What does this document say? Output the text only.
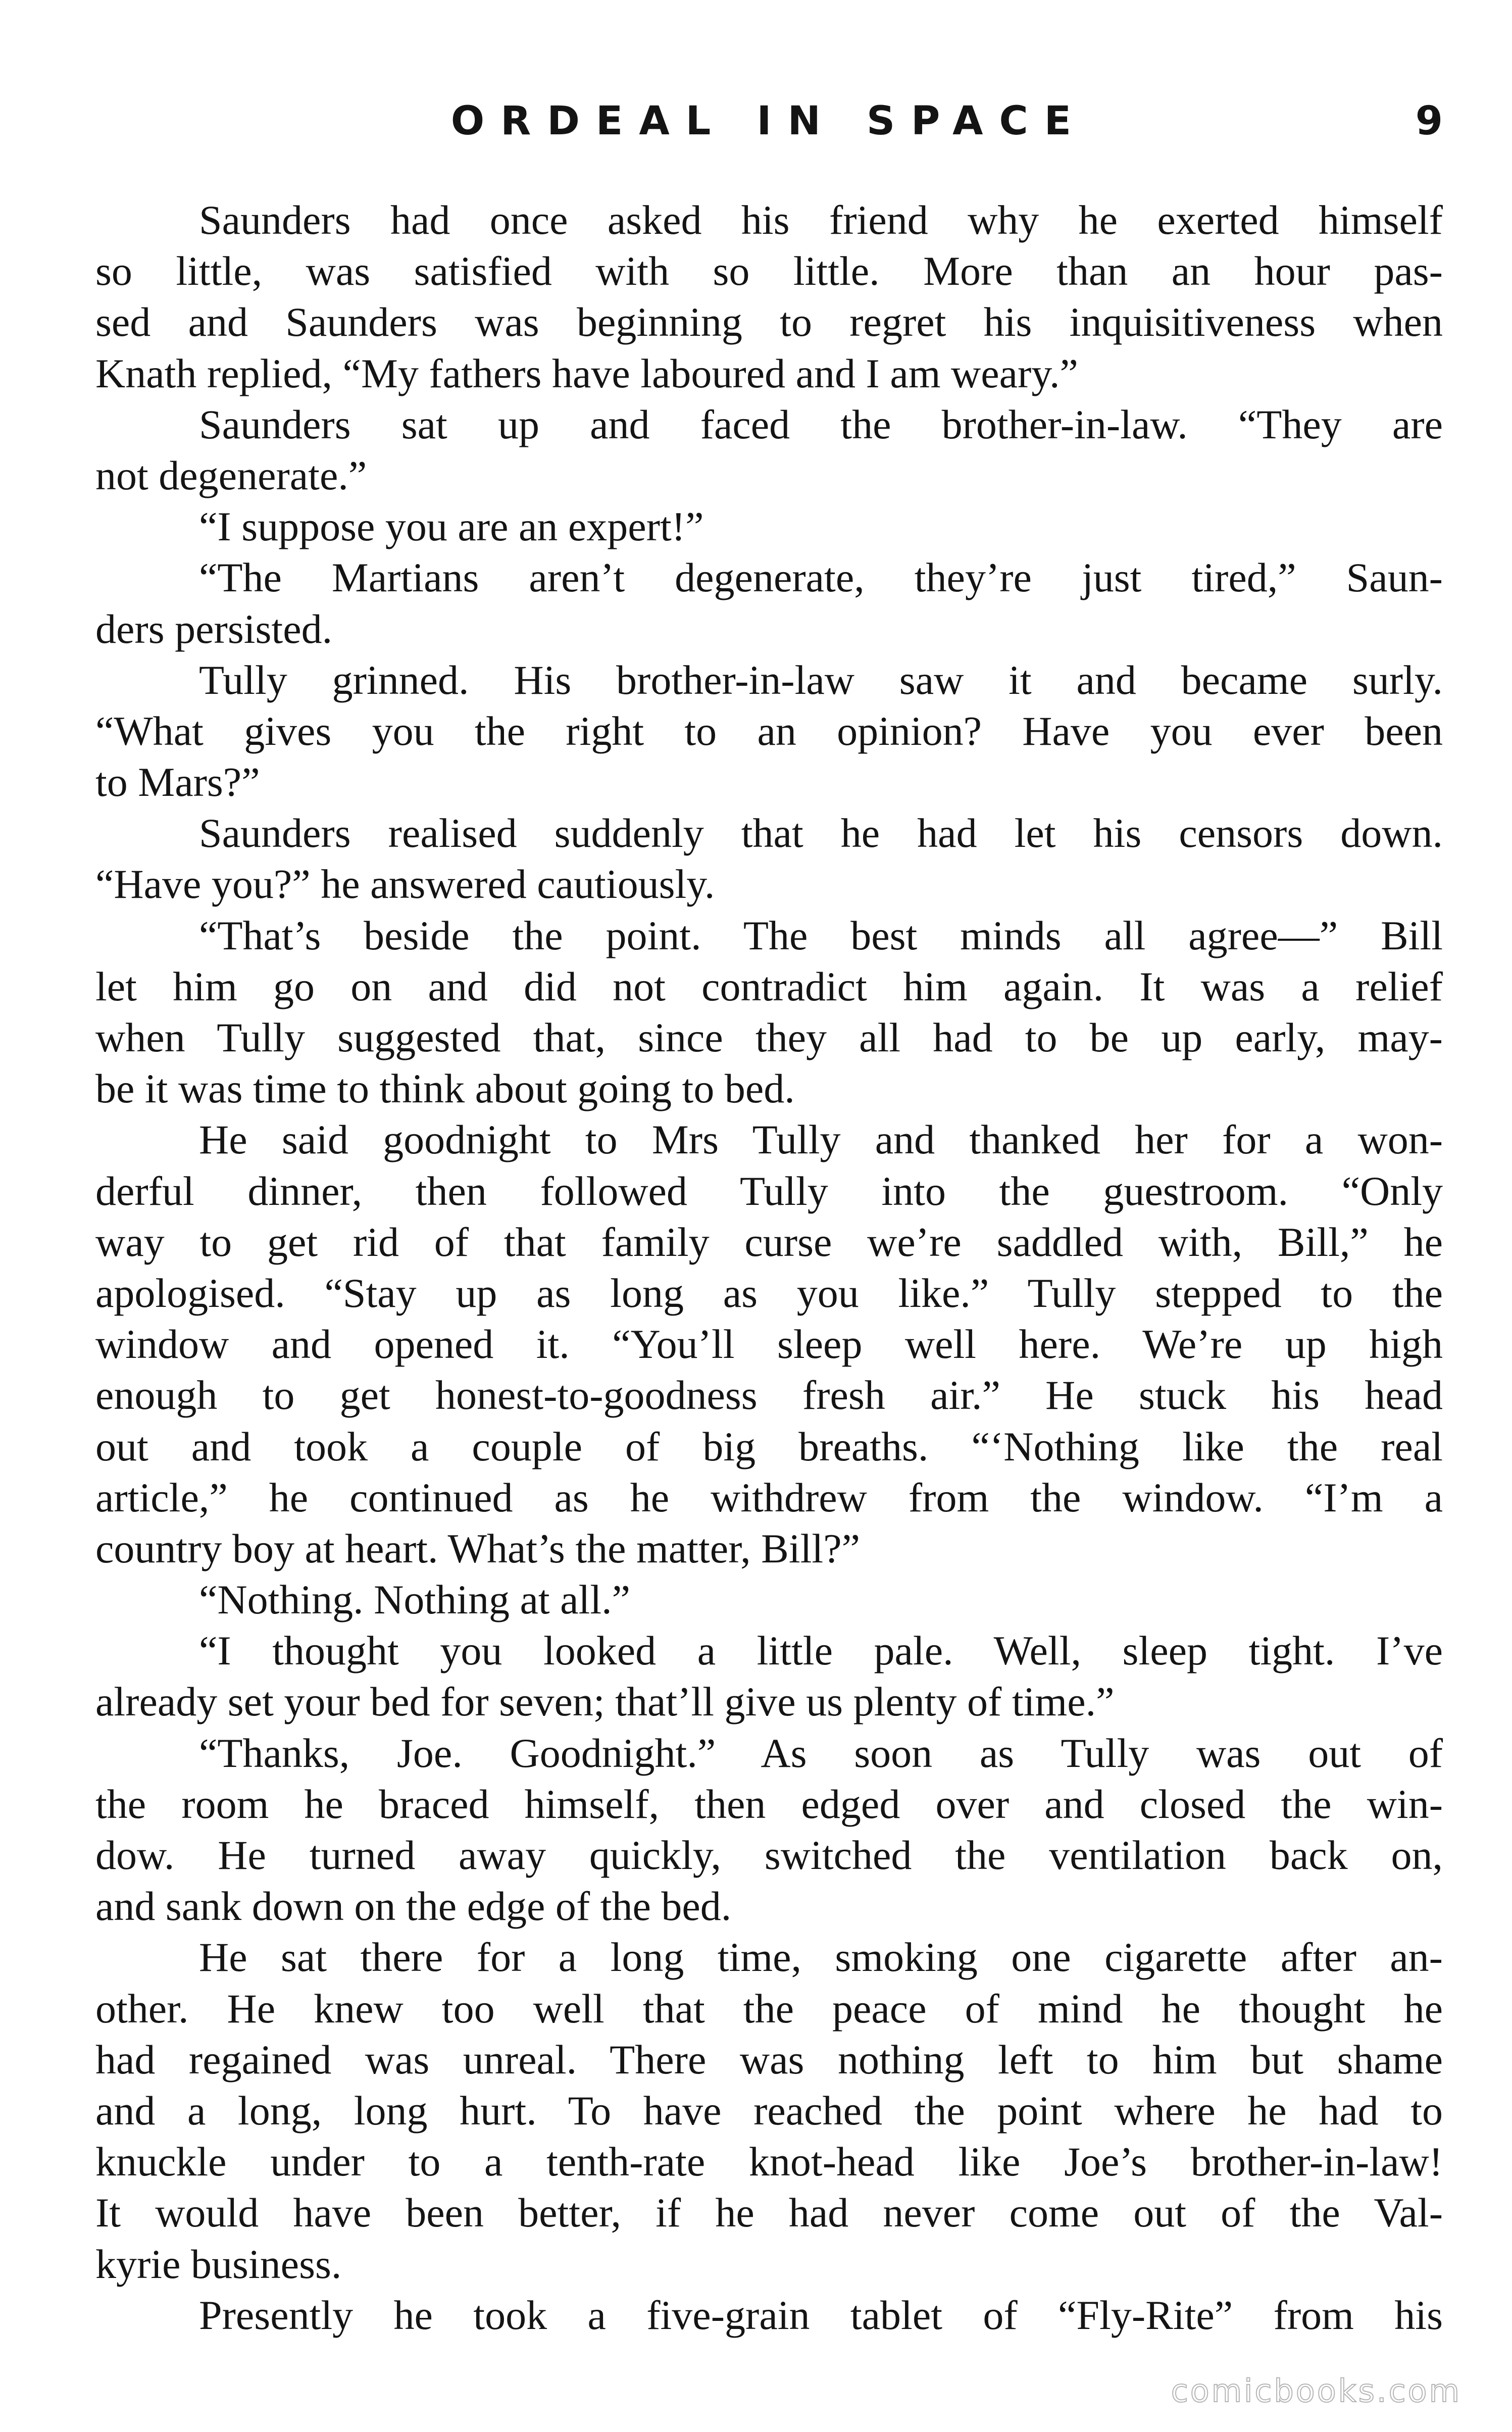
ORDEAL IN SPACE	9
Saunders had once asked his friend why he exerted himself
so little, was satisfied with so little. More than an hour pas-
sed and Saunders was beginning to regret his inquisitiveness when
Knath replied, “My fathers have laboured and I am weary.”
Saunders sat up and faced the brother-in-law. “They are
not degenerate.”
“I suppose you are an expert!”
“The Martians aren’t degenerate, they’re just tired,” Saun-
ders persisted.
Tully grinned. His brother-in-law saw it and became surly.
“What gives you the right to an opinion? Have you ever been
to Mars?”
Saunders realised suddenly that he had let his censors down.
“Have you?” he answered cautiously.
“That’s beside the point. The best minds all agree—” Bill
let him go on and did not contradict him again. It was a relief
when Tully suggested that, since they all had to be up early, may-
be it was time to think about going to bed.
He said goodnight to Mrs Tully and thanked her for a won-
derful dinner, then followed Tully into the guestroom. “Only
way to get rid of that family curse we’re saddled with, Bill,” he
apologised. “Stay up as long as you like.” Tully stepped to the
window and opened it. “You’ll sleep well here. We’re up high
enough to get honest-to-goodness fresh air.” He stuck his head
out and took a couple of big breaths. “‘Nothing like the real
article,” he continued as he withdrew from the window. “I’m a
country boy at heart. What’s the matter, Bill?”
“Nothing. Nothing at all.”
“I thought you looked a little pale. Well, sleep tight. I’ve
already set your bed for seven; that’ll give us plenty of time.”
“Thanks, Joe. Goodnight.” As soon as Tully was out of
the room he braced himself, then edged over and closed the win-
dow. He turned away quickly, switched the ventilation back on,
and sank down on the edge of the bed.
He sat there for a long time, smoking one cigarette after an-
other. He knew too well that the peace of mind he thought he
had regained was unreal. There was nothing left to him but shame
and a long, long hurt. To have reached the point where he had to
knuckle under to a tenth-rate knot-head like Joe’s brother-in-law!
It would have been better, if he had never come out of the Val-
kyrie business.
Presently he took a five-grain tablet of “Fly-Rite” from his
comicbooks.com
